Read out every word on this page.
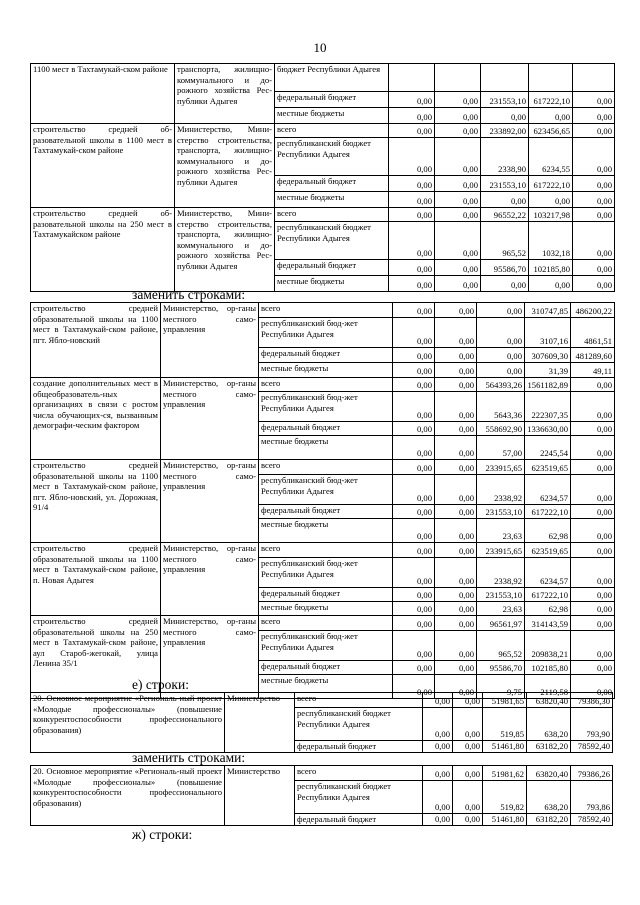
10
1100 мест в Тахтамукай-ском районе	транспорта, жилищно-коммунального и до-рожного хозяйства Рес-публики Адыгея	бюджет Республики Адыгея					
		федеральный бюджет	0,00	0,00	231553,10	617222,10	0,00
		местные бюджеты	0,00	0,00	0,00	0,00	0,00
строительство средней об-разовательной школы в 1100 мест в Тахтамукай-ском районе	Министерство, Мини-стерство строительства, транспорта, жилищно-коммунального и до-рожного хозяйства Рес-публики Адыгея	всего	0,00	0,00	233892,00	623456,65	0,00
		республиканский бюджет Республики Адыгея	0,00	0,00	2338,90	6234,55	0,00
		федеральный бюджет	0,00	0,00	231553,10	617222,10	0,00
		местные бюджеты	0,00	0,00	0,00	0,00	0,00
строительство средней об-разовательной школы на 250 мест в Тахтамукайском районе	Министерство, Мини-стерство строительства, транспорта, жилищно-коммунального и до-рожного хозяйства Рес-публики Адыгея	всего	0,00	0,00	96552,22	103217,98	0,00
		республиканский бюджет Республики Адыгея	0,00	0,00	965,52	1032,18	0,00
		федеральный бюджет	0,00	0,00	95586,70	102185,80	0,00
		местные бюджеты	0,00	0,00	0,00	0,00	0,00
заменить строками:
строительство средней образовательной школы на 1100 мест в Тахтамукай-ском районе, пгт. Ябло-новский	Министерство, ор-ганы местного само-управления	всего	0,00	0,00	0,00	310747,85	486200,22
		республиканский бюд-жет Республики Адыгея	0,00	0,00	0,00	3107,16	4861,51
		федеральный бюджет	0,00	0,00	0,00	307609,30	481289,60
		местные бюджеты	0,00	0,00	0,00	31,39	49,11
создание дополнительных мест в общеобразователь-ных организациях в связи с ростом числа обучающих-ся, вызванным демографи-ческим фактором	Министерство, ор-ганы местного само-управления	всего	0,00	0,00	564393,26	1561182,89	0,00
		республиканский бюд-жет Республики Адыгея	0,00	0,00	5643,36	222307,35	0,00
		федеральный бюджет	0,00	0,00	558692,90	1336630,00	0,00
		местные бюджеты	0,00	0,00	57,00	2245,54	0,00
строительство средней образовательной школы на 1100 мест в Тахтамукай-ском районе, пгт. Ябло-новский, ул. Дорожная, 91/4	Министерство, ор-ганы местного само-управления	всего	0,00	0,00	233915,65	623519,65	0,00
		республиканский бюд-жет Республики Адыгея	0,00	0,00	2338,92	6234,57	0,00
		федеральный бюджет	0,00	0,00	231553,10	617222,10	0,00
		местные бюджеты	0,00	0,00	23,63	62,98	0,00
строительство средней образовательной школы на 1100 мест в Тахтамукай-ском районе, п. Новая Адыгея	Министерство, ор-ганы местного само-управления	всего	0,00	0,00	233915,65	623519,65	0,00
		республиканский бюд-жет Республики Адыгея	0,00	0,00	2338,92	6234,57	0,00
		федеральный бюджет	0,00	0,00	231553,10	617222,10	0,00
		местные бюджеты	0,00	0,00	23,63	62,98	0,00
строительство средней образовательной школы на 250 мест в Тахтамукай-ском районе, аул Староб-жегокай, улица Ленина 35/1	Министерство, ор-ганы местного само-управления	всего	0,00	0,00	96561,97	314143,59	0,00
		республиканский бюд-жет Республики Адыгея	0,00	0,00	965,52	209838,21	0,00
		федеральный бюджет	0,00	0,00	95586,70	102185,80	0,00
		местные бюджеты	0,00	0,00	9,75	2119,58	0,00
е) строки:
20. Основное мероприятие «Региональ-ный проект «Молодые профессионалы» (повышение конкурентоспособности профессионального образования)	Министерство	всего	0,00	0,00	51981,65	63820,40	79386,30
		республиканский бюджет Республики Адыгея	0,00	0,00	519,85	638,20	793,90
		федеральный бюджет	0,00	0,00	51461,80	63182,20	78592,40
заменить строками:
20. Основное мероприятие «Региональ-ный проект «Молодые профессионалы» (повышение конкурентоспособности профессионального образования)	Министерство	всего	0,00	0,00	51981,62	63820,40	79386,26
		республиканский бюджет Республики Адыгея	0,00	0,00	519,82	638,20	793,86
		федеральный бюджет	0,00	0,00	51461,80	63182,20	78592,40
ж) строки:
